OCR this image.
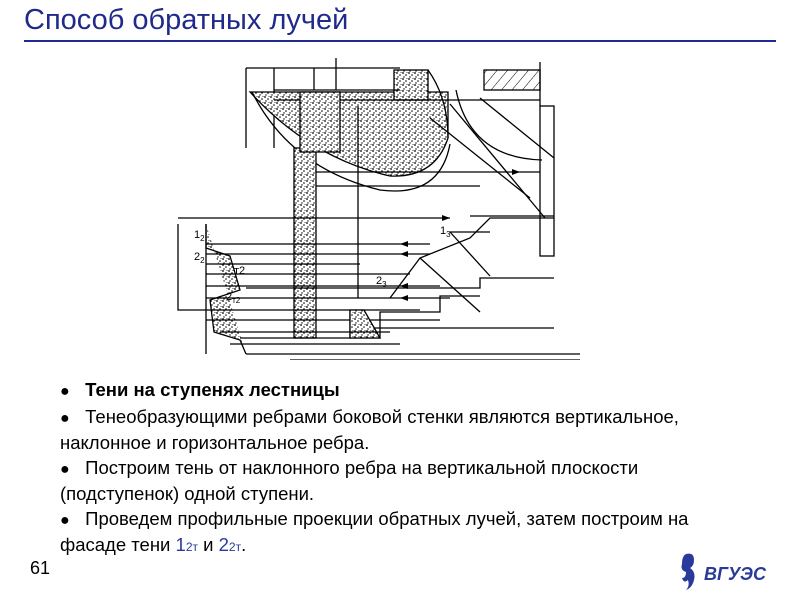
Способ обратных лучей
$1_2$
$2_2$
т2
$2_{т2}$
$1_3$
$2_3$

● Тени на ступенях лестницы

● Тенеобразующими ребрами боковой стенки являются вертикальное, наклонное и горизонтальное ребра.

● Построим тень от наклонного ребра на вертикальной плоскости (подступенок) одной ступени.

● Проведем профильные проекции обратных лучей, затем построим на фасаде тени 12т и 22т.

61	ВГУЭС
